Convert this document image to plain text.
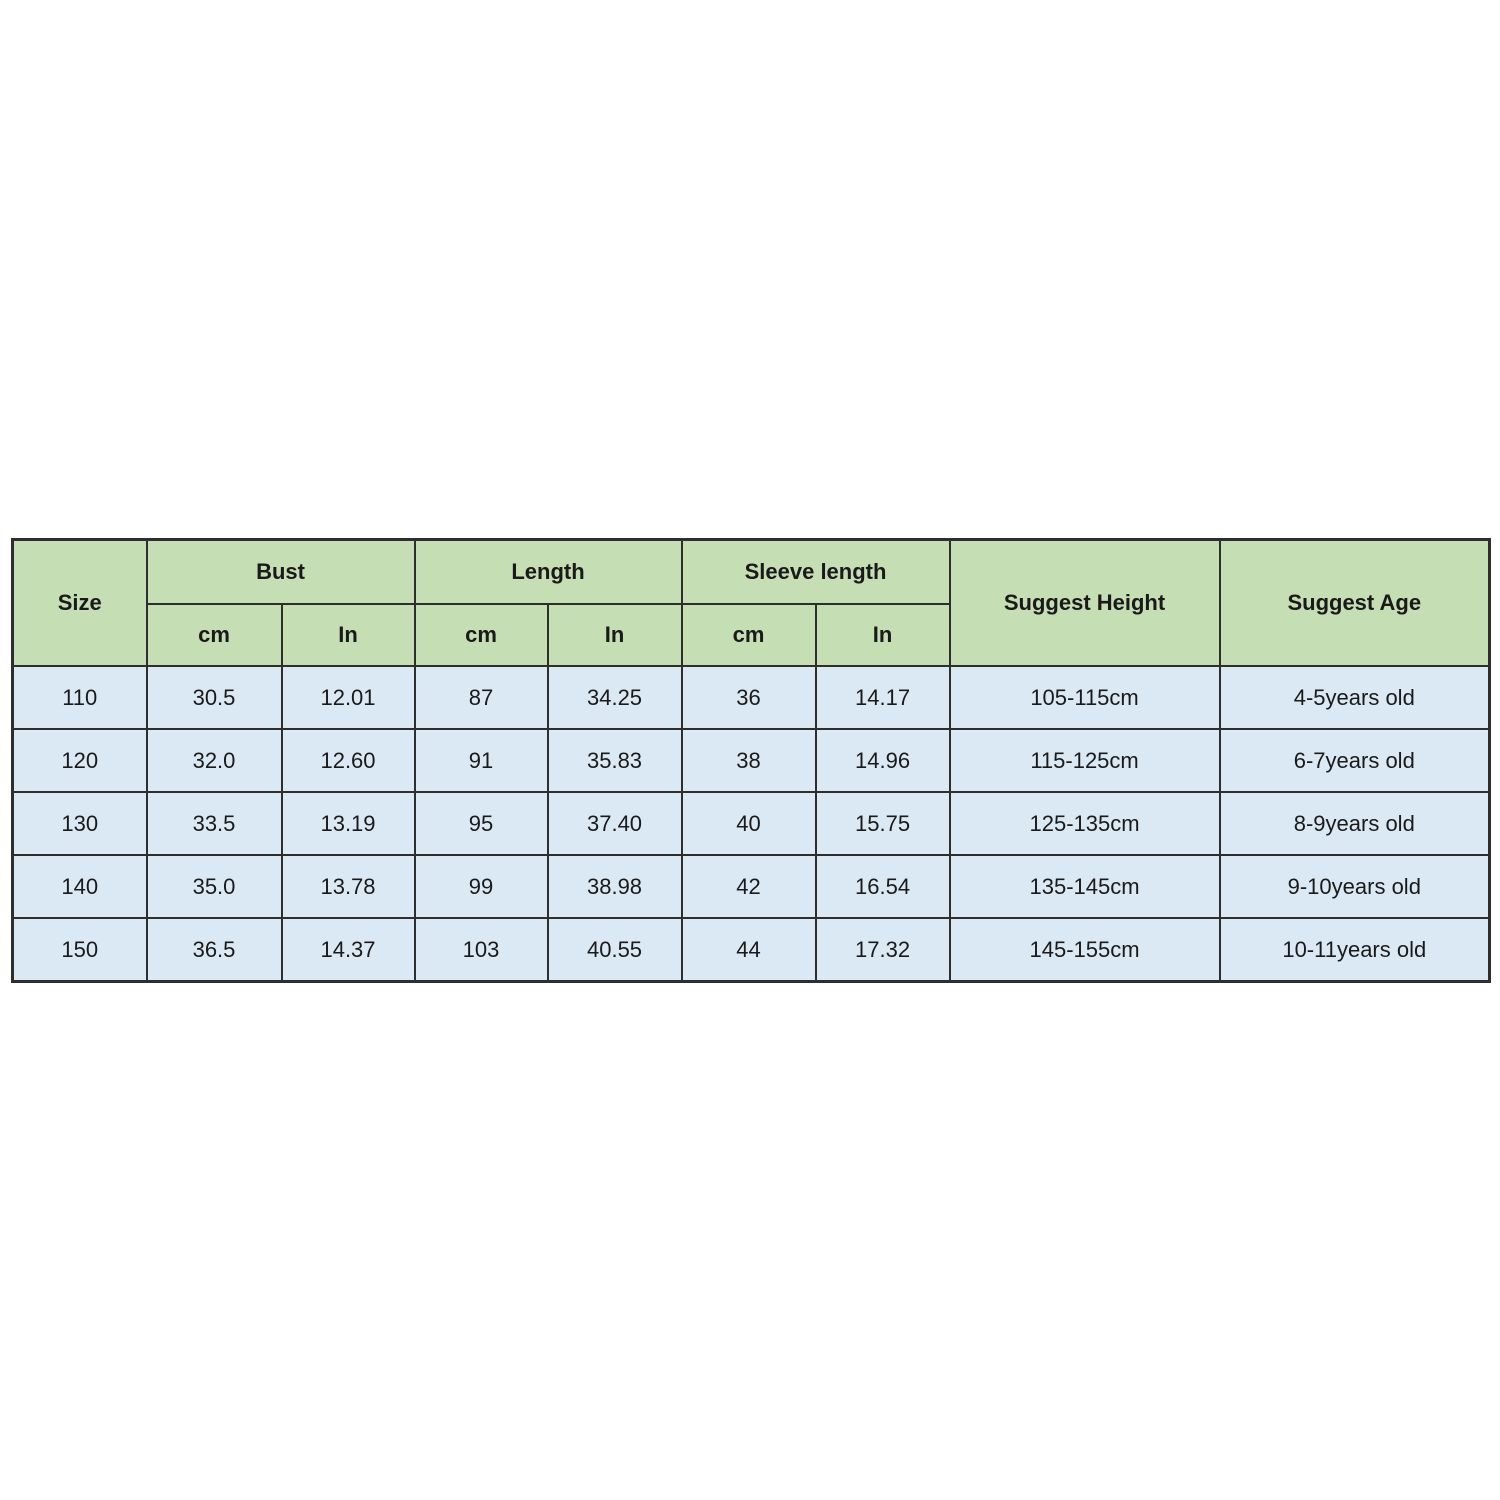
Size	Bust		Length		Sleeve length		Suggest Height	Suggest Age
	cm	In	cm	In	cm	In		
110	30.5	12.01	87	34.25	36	14.17	105-115cm	4-5years old
120	32.0	12.60	91	35.83	38	14.96	115-125cm	6-7years old
130	33.5	13.19	95	37.40	40	15.75	125-135cm	8-9years old
140	35.0	13.78	99	38.98	42	16.54	135-145cm	9-10years old
150	36.5	14.37	103	40.55	44	17.32	145-155cm	10-11years old
